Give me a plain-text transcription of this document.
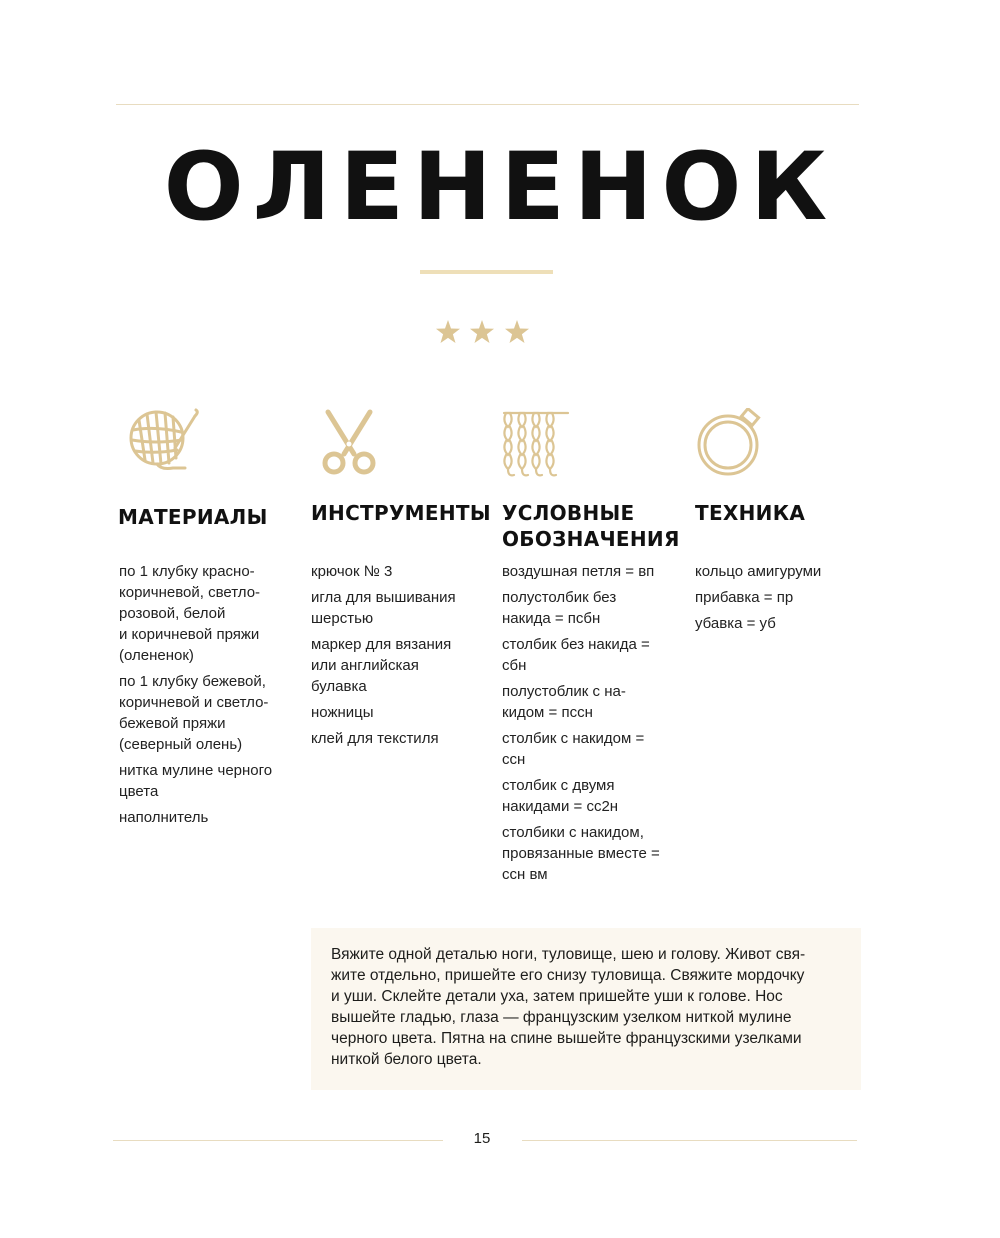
ОЛЕНЕНОК
МАТЕРИАЛЫ ИНСТРУМЕНТЫ УСЛОВНЫЕ
ОБОЗНАЧЕНИЯ
ТЕХНИКА
по 1 клубку красно-
коричневой, светло-
розовой, белой
и коричневой пряжи
(олененок)
по 1 клубку бежевой,
коричневой и светло-
бежевой пряжи
(северный олень)
нитка мулине черного
цвета
наполнитель
крючок № 3
игла для вышивания
шерстью
маркер для вязания
или английская
булавка
ножницы
клей для текстиля
воздушная петля = вп
полустолбик без
накида = псбн
столбик без накида =
сбн
полустоблик с на-
кидом = пссн
столбик с накидом =
ссн
столбик с двумя
накидами = сс2н
столбики с накидом,
провязанные вместе =
ссн вм
кольцо амигуруми
прибавка = пр
убавка = уб
Вяжите одной деталью ноги, туловище, шею и голову. Живот свя-
жите отдельно, пришейте его снизу туловища. Свяжите мордочку
и уши. Склейте детали уха, затем пришейте уши к голове. Нос
вышейте гладью, глаза — французским узелком ниткой мулине
черного цвета. Пятна на спине вышейте французскими узелками
ниткой белого цвета.
15
